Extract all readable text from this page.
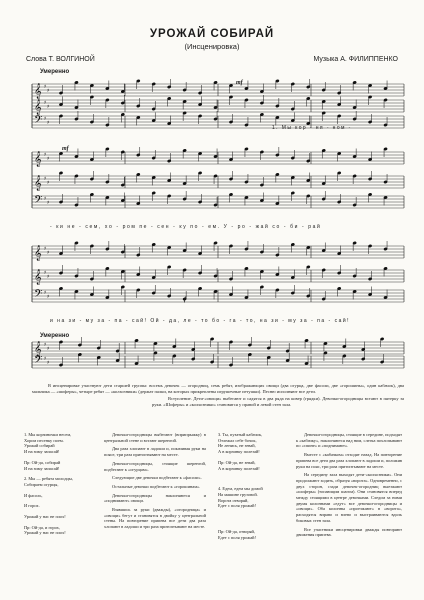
УРОЖАЙ СОБИРАЙ
(Инсценировка)
Слова Т. ВОЛГИНОЙ	Музыка А. ФИЛИППЕНКО
𝄞 ♯
♯
𝄞 ♯
♯
𝄢 ♯
♯
𝄞 ♯
♯
𝄞 ♯
♯
𝄢 ♯
♯
𝄞 ♯
♯
𝄞 ♯
♯
𝄢 ♯
♯
𝄞 ♯
♯
𝄢 ♯
♯
Умеренно
mf
mf
f
1. Мы кор - ня - ном -
- ки не - сем, хо - ром пе - сен - ку по - ем. У - ро - жай со - би - рай
и на зи - му за - па - сай! Ой - да, ле - то бо - га - то, на зи - му за - па - сай!
Умеренно
В инсценировке участвуют дети старшей группы: восемь девочек — огородниц, семь ребят, изображающих овощи (два огурца, две фасоли, две «горошины», один кабачок), два мальчика — «шоферы», четыре ребят — «колхозники» (держат палки, на которых прикреплены игрушечные петушки). Песню исполняют все дети.
Вступление. Дети-«овощи» выбегают и садятся в два ряда на ковер (грядки). Девочки-огородницы встают в пятерку за руки. «Шоферы» и «колхозники» становятся у правой и левой стен зала.
1. Мы корзиночки несем,
Хором песенку поем.
Урожай собирай
И на зиму запасай!
Пр: Ой-да, собирай
И на зиму запасай!
2. Мы — ребята молодцы,
Собираем огурцы,
И фасоль,
И горох.
Урожай у нас не плох!
Пр: Ой-да, и горох,
Урожай у нас не плох!

Девочки-огородницы выбегают (вприпрыжку) в центральной стене и встают шеренгой.

Два раза хлопают в ладоши и, покачивая руки на поясе, три раза притоптывают на месте.

Девочки-огородницы, стоящие шеренгой, подбегают к «огурцам».

Следующие две девочки подбегают к «фасоли».

Остальные девочки подбегают к «горошинам».

Девочки-огородницы наклоняются и «поднимают» овощи.

Взявшись за руки (дважды), «огородница» и «овощи» бегут и становятся в двойку у центральной стены. На повторение припева все дети два раза хлопают в ладоши и три раза притоптывают на месте.

3. Ты, пузатый кабачок,
Отлежал себе бочок,
Не ленись, не зевай,
А в корзинку полезай!
Пр: Ой-да, не зевай,
А в корзинку полезай!
4. Едем, едем мы домой
На машине грузовой.
Ворота отворяй,
Едет с поля урожай!
Пр: Ой-да, отворяй,
Едет с поля урожай!

Девочки-огородницы, стоящие в середине, подходят к «кабачку», наклоняются над ним, слегка похлопывают по «спине» и «поднимают».

Вместе с «кабачком» отходят назад. На повторение припева все дети два раза хлопают в ладоши и, положив руки на пояс, три раза притоптывают на месте.

На середину зала выходят дети-«колхозники». Они продолжают ходить, образуя «ворота». Одновременно, с двух сторон, сзади девочек-огородниц выезжают «шоферы» (топающим шагом). Они становятся вперед между стоящими в центре девочками. Следом за ними двумя колоннами «едут» все девочки-огородницы и «овощи». Оба колонны «проезжают» в «ворота», расходятся вправо и влево и выстраиваются вдоль боковых стен зала.

Все участники инсценировки дважды повторяют движения припева.
